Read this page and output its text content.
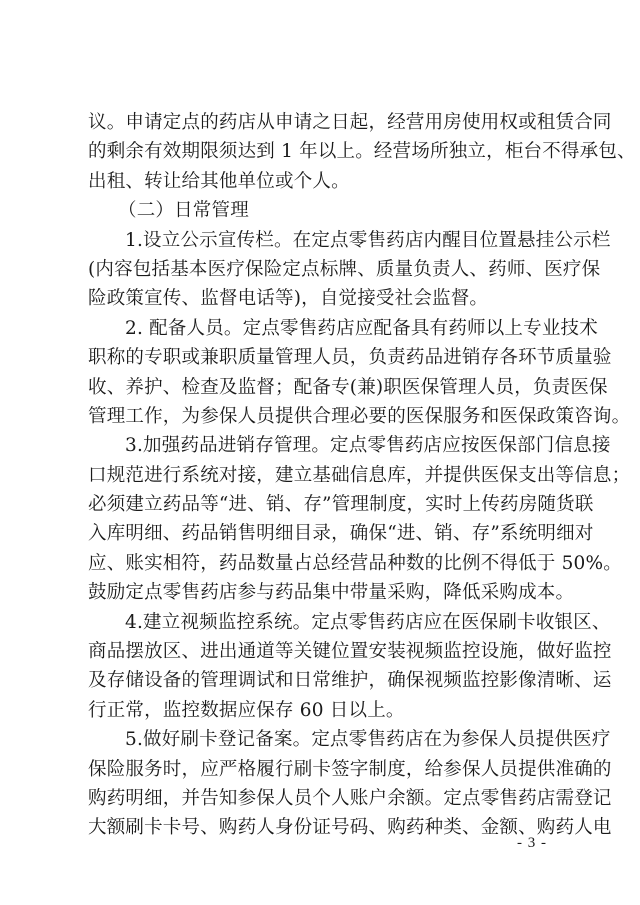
议。申请定点的药店从申请之日起，经营用房使用权或租赁合同
的剩余有效期限须达到 1 年以上。经营场所独立，柜台不得承包、
出租、转让给其他单位或个人。
（二）日常管理
1.设立公示宣传栏。在定点零售药店内醒目位置悬挂公示栏
(内容包括基本医疗保险定点标牌、质量负责人、药师、医疗保
险政策宣传、监督电话等)，自觉接受社会监督。
2. 配备人员。定点零售药店应配备具有药师以上专业技术
职称的专职或兼职质量管理人员，负责药品进销存各环节质量验
收、养护、检查及监督；配备专(兼)职医保管理人员，负责医保
管理工作，为参保人员提供合理必要的医保服务和医保政策咨询。
3.加强药品进销存管理。定点零售药店应按医保部门信息接
口规范进行系统对接，建立基础信息库，并提供医保支出等信息；
必须建立药品等“进、销、存”管理制度，实时上传药房随货联
入库明细、药品销售明细目录，确保“进、销、存”系统明细对
应、账实相符，药品数量占总经营品种数的比例不得低于 50%。
鼓励定点零售药店参与药品集中带量采购，降低采购成本。
4.建立视频监控系统。定点零售药店应在医保刷卡收银区、
商品摆放区、进出通道等关键位置安装视频监控设施，做好监控
及存储设备的管理调试和日常维护，确保视频监控影像清晰、运
行正常，监控数据应保存 60 日以上。
5.做好刷卡登记备案。定点零售药店在为参保人员提供医疗
保险服务时，应严格履行刷卡签字制度，给参保人员提供准确的
购药明细，并告知参保人员个人账户余额。定点零售药店需登记
大额刷卡卡号、购药人身份证号码、购药种类、金额、购药人电
- 3 -
